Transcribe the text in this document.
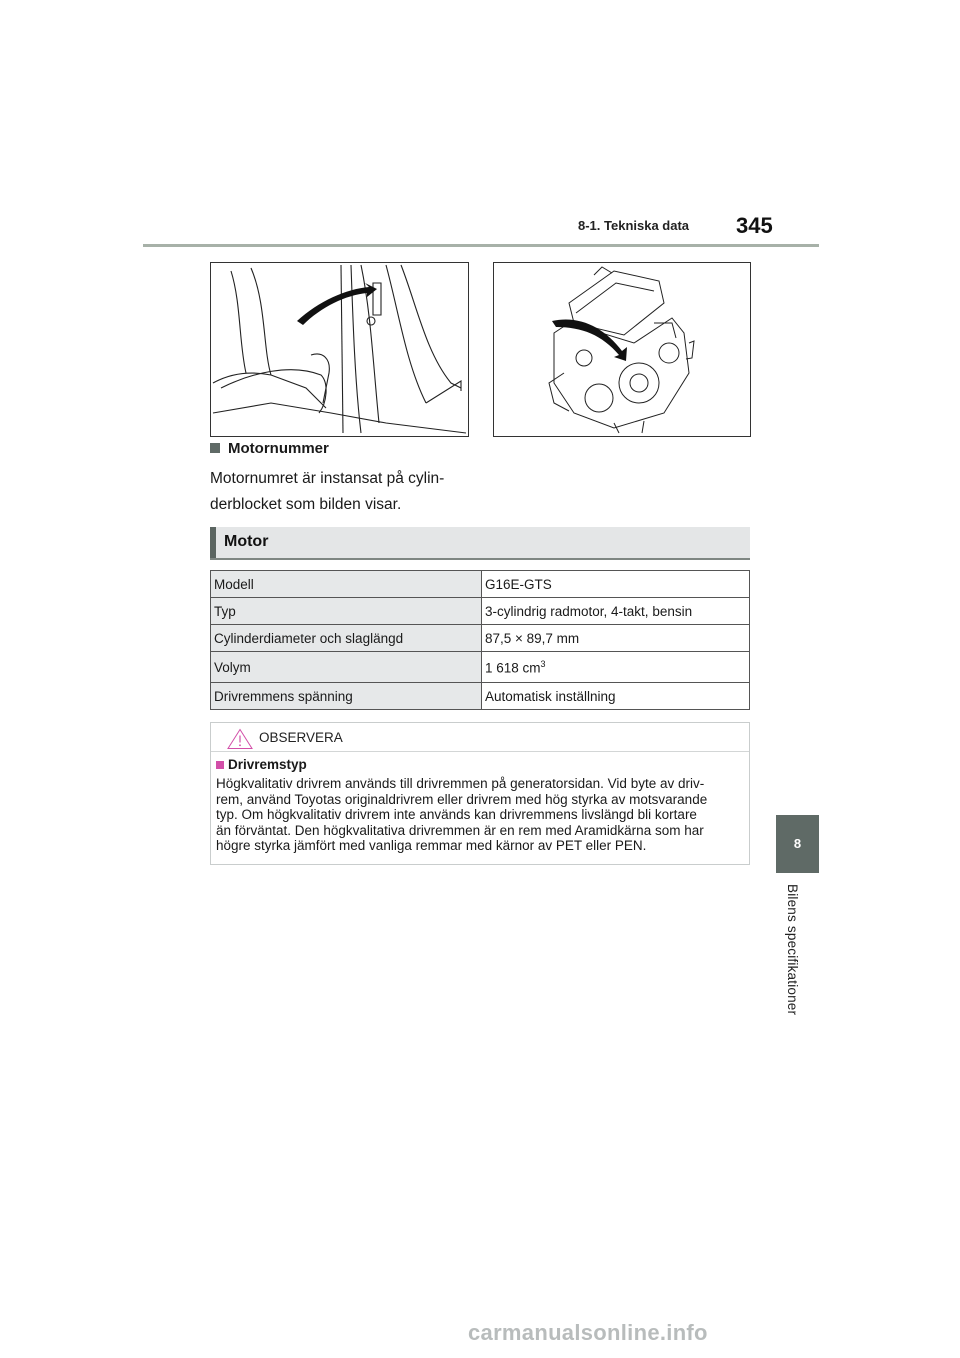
8-1. Tekniska data 345
Motornummer
Motornumret är instansat på cylin-
derblocket som bilden visar.
Motor
Modell	G16E-GTS
Typ	3-cylindrig radmotor, 4-takt, bensin
Cylinderdiameter och slaglängd	87,5 × 89,7 mm
Volym	1 618 $cm^3$
Drivremmens spänning	Automatisk inställning
OBSERVERA
Drivremstyp
Högkvalitativ drivrem används till drivremmen på generatorsidan. Vid byte av driv-
rem, använd Toyotas originaldrivrem eller drivrem med hög styrka av motsvarande
typ. Om högkvalitativ drivrem inte används kan drivremmens livslängd bli kortare
än förväntat. Den högkvalitativa drivremmen är en rem med Aramidkärna som har
högre styrka jämfört med vanliga remmar med kärnor av PET eller PEN.	8
Bilens specifikationer
carmanualsonline.info
